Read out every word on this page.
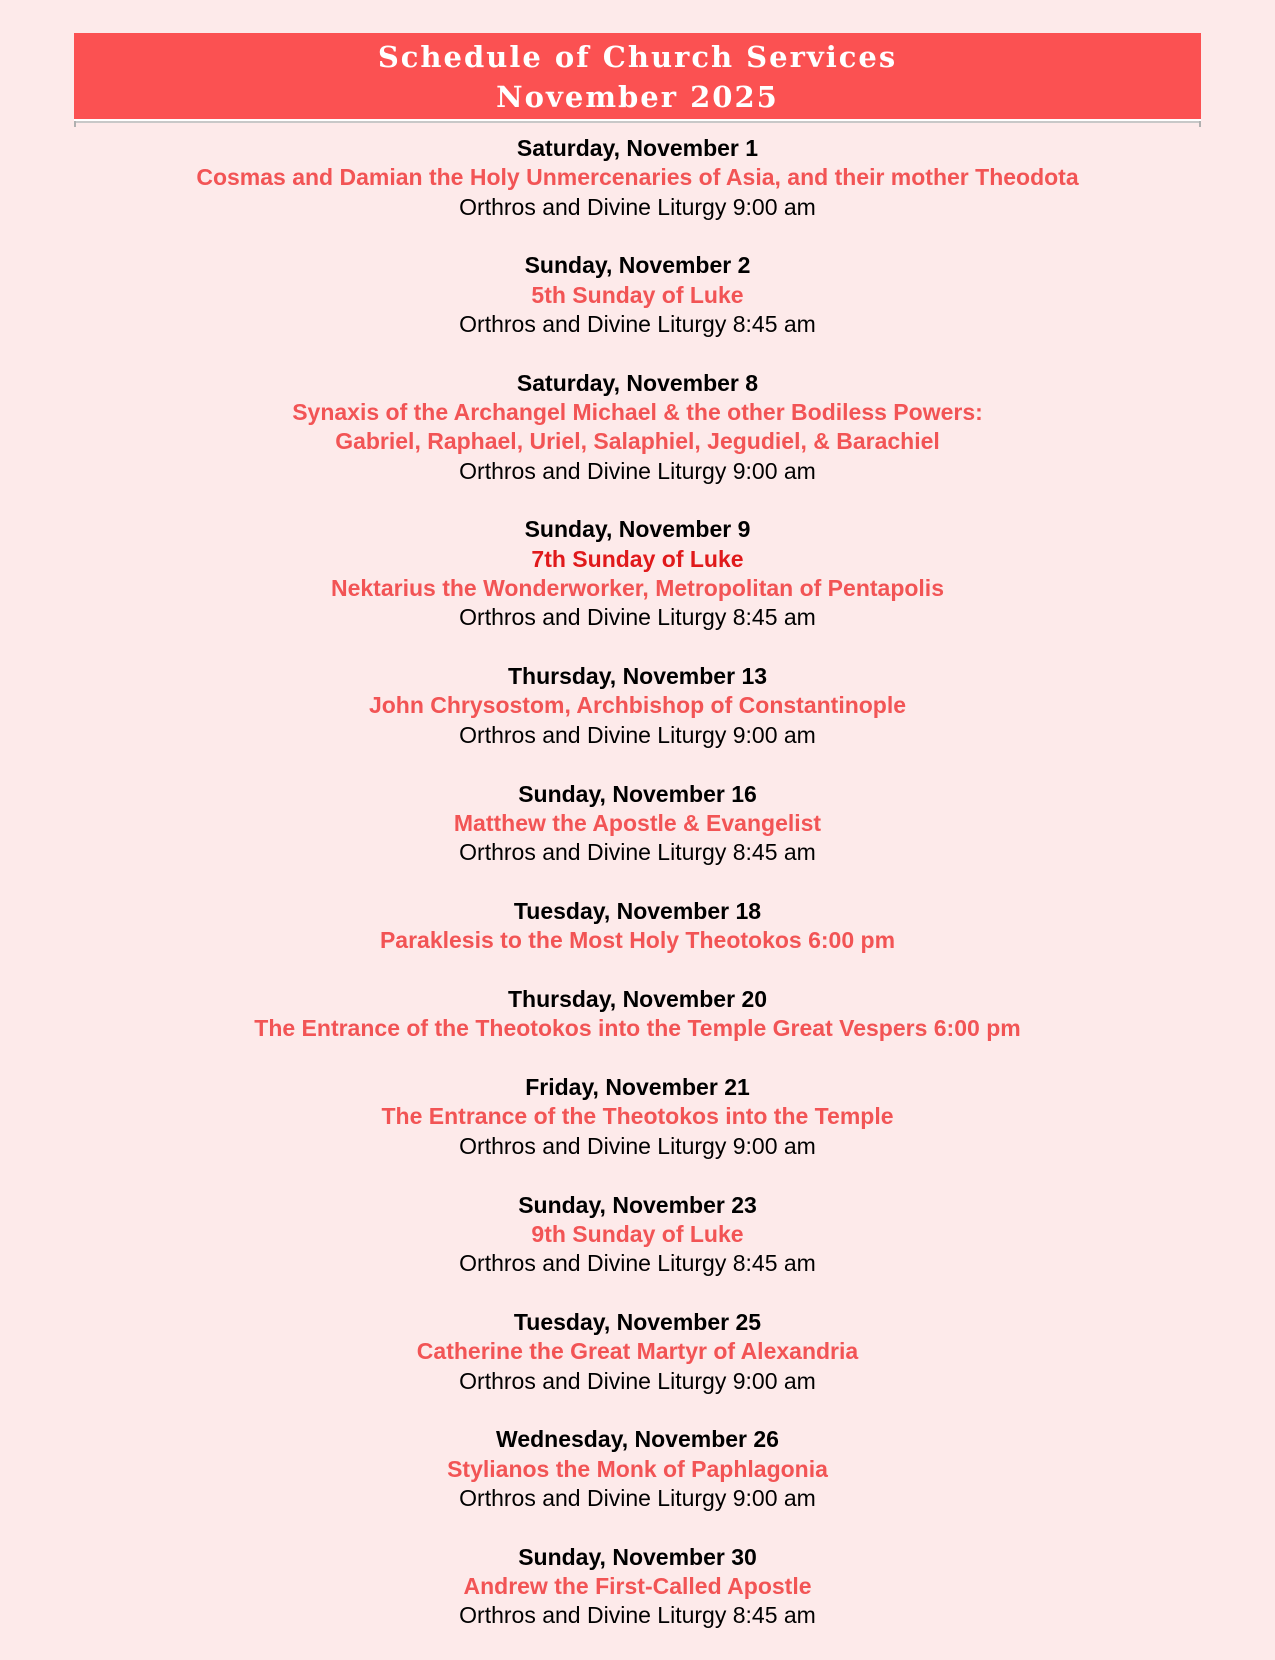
Schedule of Church Services
November 2025
Saturday, November 1
Cosmas and Damian the Holy Unmercenaries of Asia, and their mother Theodota
Orthros and Divine Liturgy 9:00 am
Sunday, November 2
5th Sunday of Luke
Orthros and Divine Liturgy 8:45 am
Saturday, November 8
Synaxis of the Archangel Michael & the other Bodiless Powers:
Gabriel, Raphael, Uriel, Salaphiel, Jegudiel, & Barachiel
Orthros and Divine Liturgy 9:00 am
Sunday, November 9
7th Sunday of Luke
Nektarius the Wonderworker, Metropolitan of Pentapolis
Orthros and Divine Liturgy 8:45 am
Thursday, November 13
John Chrysostom, Archbishop of Constantinople
Orthros and Divine Liturgy 9:00 am
Sunday, November 16
Matthew the Apostle & Evangelist
Orthros and Divine Liturgy 8:45 am
Tuesday, November 18
Paraklesis to the Most Holy Theotokos 6:00 pm
Thursday, November 20
The Entrance of the Theotokos into the Temple Great Vespers 6:00 pm
Friday, November 21
The Entrance of the Theotokos into the Temple
Orthros and Divine Liturgy 9:00 am
Sunday, November 23
9th Sunday of Luke
Orthros and Divine Liturgy 8:45 am
Tuesday, November 25
Catherine the Great Martyr of Alexandria
Orthros and Divine Liturgy 9:00 am
Wednesday, November 26
Stylianos the Monk of Paphlagonia
Orthros and Divine Liturgy 9:00 am
Sunday, November 30
Andrew the First-Called Apostle
Orthros and Divine Liturgy 8:45 am
